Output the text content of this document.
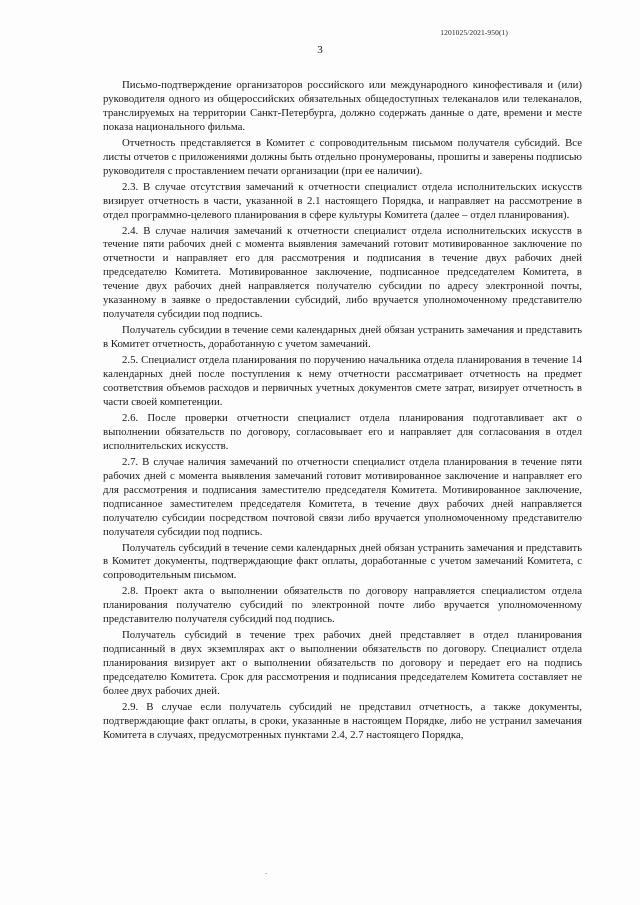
1201025/2021-950(1)
3

Письмо-подтверждение организаторов российского или международного кинофестиваля и (или) руководителя одного из общероссийских обязательных общедоступных телеканалов или телеканалов, транслируемых на территории Санкт-Петербурга, должно содержать данные о дате, времени и месте показа национального фильма.

Отчетность представляется в Комитет с сопроводительным письмом получателя субсидий. Все листы отчетов с приложениями должны быть отдельно пронумерованы, прошиты и заверены подписью руководителя с проставлением печати организации (при ее наличии).

2.3. В случае отсутствия замечаний к отчетности специалист отдела исполнительских искусств визирует отчетность в части, указанной в 2.1 настоящего Порядка, и направляет на рассмотрение в отдел программно-целевого планирования в сфере культуры Комитета (далее – отдел планирования).

2.4. В случае наличия замечаний к отчетности специалист отдела исполнительских искусств в течение пяти рабочих дней с момента выявления замечаний готовит мотивированное заключение по отчетности и направляет его для рассмотрения и подписания в течение двух рабочих дней председателю Комитета. Мотивированное заключение, подписанное председателем Комитета, в течение двух рабочих дней направляется получателю субсидии по адресу электронной почты, указанному в заявке о предоставлении субсидий, либо вручается уполномоченному представителю получателя субсидии под подпись.

Получатель субсидии в течение семи календарных дней обязан устранить замечания и представить в Комитет отчетность, доработанную с учетом замечаний.

2.5. Специалист отдела планирования по поручению начальника отдела планирования в течение 14 календарных дней после поступления к нему отчетности рассматривает отчетность на предмет соответствия объемов расходов и первичных учетных документов смете затрат, визирует отчетность в части своей компетенции.

2.6. После проверки отчетности специалист отдела планирования подготавливает акт о выполнении обязательств по договору, согласовывает его и направляет для согласования в отдел исполнительских искусств.

2.7. В случае наличия замечаний по отчетности специалист отдела планирования в течение пяти рабочих дней с момента выявления замечаний готовит мотивированное заключение и направляет его для рассмотрения и подписания заместителю председателя Комитета. Мотивированное заключение, подписанное заместителем председателя Комитета, в течение двух рабочих дней направляется получателю субсидии посредством почтовой связи либо вручается уполномоченному представителю получателя субсидии под подпись.

Получатель субсидий в течение семи календарных дней обязан устранить замечания и представить в Комитет документы, подтверждающие факт оплаты, доработанные с учетом замечаний Комитета, с сопроводительным письмом.

2.8. Проект акта о выполнении обязательств по договору направляется специалистом отдела планирования получателю субсидий по электронной почте либо вручается уполномоченному представителю получателя субсидий под подпись.

Получатель субсидий в течение трех рабочих дней представляет в отдел планирования подписанный в двух экземплярах акт о выполнении обязательств по договору. Специалист отдела планирования визирует акт о выполнении обязательств по договору и передает его на подпись председателю Комитета. Срок для рассмотрения и подписания председателем Комитета составляет не более двух рабочих дней.

2.9. В случае если получатель субсидий не представил отчетность, а также документы, подтверждающие факт оплаты, в сроки, указанные в настоящем Порядке, либо не устранил замечания Комитета в случаях, предусмотренных пунктами 2.4, 2.7 настоящего Порядка,
